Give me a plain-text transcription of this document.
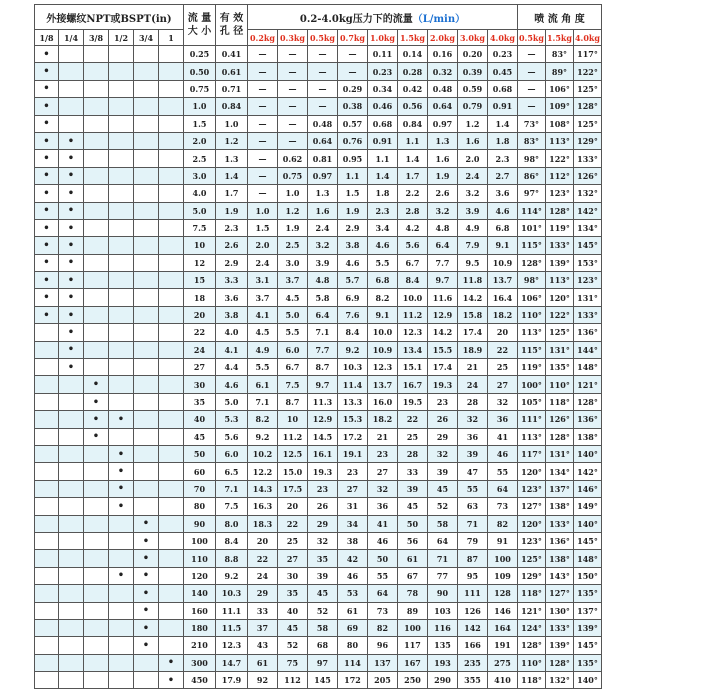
外接螺纹NPT或BSPT(in)						流 量
大 小	有 效
孔 径	0.2-4.0kg压力下的流量（L/min）									喷 流 角 度		
1/8	1/4	3/8	1/2	3/4	1			0.2kg	0.3kg	0.5kg	0.7kg	1.0kg	1.5kg	2.0kg	3.0kg	4.0kg	0.5kg	1.5kg	4.0kg
•						0.25	0.41	—	—	—	—	0.11	0.14	0.16	0.20	0.23	—	83°	117°
•						0.50	0.61	—	—	—	—	0.23	0.28	0.32	0.39	0.45	—	89°	122°
•						0.75	0.71	—	—	—	0.29	0.34	0.42	0.48	0.59	0.68	—	106°	125°
•						1.0	0.84	—	—	—	0.38	0.46	0.56	0.64	0.79	0.91	—	109°	128°
•						1.5	1.0	—	—	0.48	0.57	0.68	0.84	0.97	1.2	1.4	73°	108°	125°
•	•					2.0	1.2	—	—	0.64	0.76	0.91	1.1	1.3	1.6	1.8	83°	113°	129°
•	•					2.5	1.3	—	0.62	0.81	0.95	1.1	1.4	1.6	2.0	2.3	98°	122°	133°
•	•					3.0	1.4	—	0.75	0.97	1.1	1.4	1.7	1.9	2.4	2.7	86°	112°	126°
•	•					4.0	1.7	—	1.0	1.3	1.5	1.8	2.2	2.6	3.2	3.6	97°	123°	132°
•	•					5.0	1.9	1.0	1.2	1.6	1.9	2.3	2.8	3.2	3.9	4.6	114°	128°	142°
•	•					7.5	2.3	1.5	1.9	2.4	2.9	3.4	4.2	4.8	4.9	6.8	101°	119°	134°
•	•					10	2.6	2.0	2.5	3.2	3.8	4.6	5.6	6.4	7.9	9.1	115°	133°	145°
•	•					12	2.9	2.4	3.0	3.9	4.6	5.5	6.7	7.7	9.5	10.9	128°	139°	153°
•	•					15	3.3	3.1	3.7	4.8	5.7	6.8	8.4	9.7	11.8	13.7	98°	113°	123°
•	•					18	3.6	3.7	4.5	5.8	6.9	8.2	10.0	11.6	14.2	16.4	106°	120°	131°
•	•					20	3.8	4.1	5.0	6.4	7.6	9.1	11.2	12.9	15.8	18.2	110°	122°	133°
	•					22	4.0	4.5	5.5	7.1	8.4	10.0	12.3	14.2	17.4	20	113°	125°	136°
	•					24	4.1	4.9	6.0	7.7	9.2	10.9	13.4	15.5	18.9	22	115°	131°	144°
	•					27	4.4	5.5	6.7	8.7	10.3	12.3	15.1	17.4	21	25	119°	135°	148°
		•				30	4.6	6.1	7.5	9.7	11.4	13.7	16.7	19.3	24	27	100°	110°	121°
		•				35	5.0	7.1	8.7	11.3	13.3	16.0	19.5	23	28	32	105°	118°	128°
		•	•			40	5.3	8.2	10	12.9	15.3	18.2	22	26	32	36	111°	126°	136°
		•				45	5.6	9.2	11.2	14.5	17.2	21	25	29	36	41	113°	128°	138°
			•			50	6.0	10.2	12.5	16.1	19.1	23	28	32	39	46	117°	131°	140°
			•			60	6.5	12.2	15.0	19.3	23	27	33	39	47	55	120°	134°	142°
			•			70	7.1	14.3	17.5	23	27	32	39	45	55	64	123°	137°	146°
			•			80	7.5	16.3	20	26	31	36	45	52	63	73	127°	138°	149°
				•		90	8.0	18.3	22	29	34	41	50	58	71	82	120°	133°	140°
				•		100	8.4	20	25	32	38	46	56	64	79	91	123°	136°	145°
				•		110	8.8	22	27	35	42	50	61	71	87	100	125°	138°	148°
			•	•		120	9.2	24	30	39	46	55	67	77	95	109	129°	143°	150°
				•		140	10.3	29	35	45	53	64	78	90	111	128	118°	127°	135°
				•		160	11.1	33	40	52	61	73	89	103	126	146	121°	130°	137°
				•		180	11.5	37	45	58	69	82	100	116	142	164	124°	133°	139°
				•		210	12.3	43	52	68	80	96	117	135	166	191	128°	139°	145°
					•	300	14.7	61	75	97	114	137	167	193	235	275	110°	128°	135°
					•	450	17.9	92	112	145	172	205	250	290	355	410	118°	132°	140°
